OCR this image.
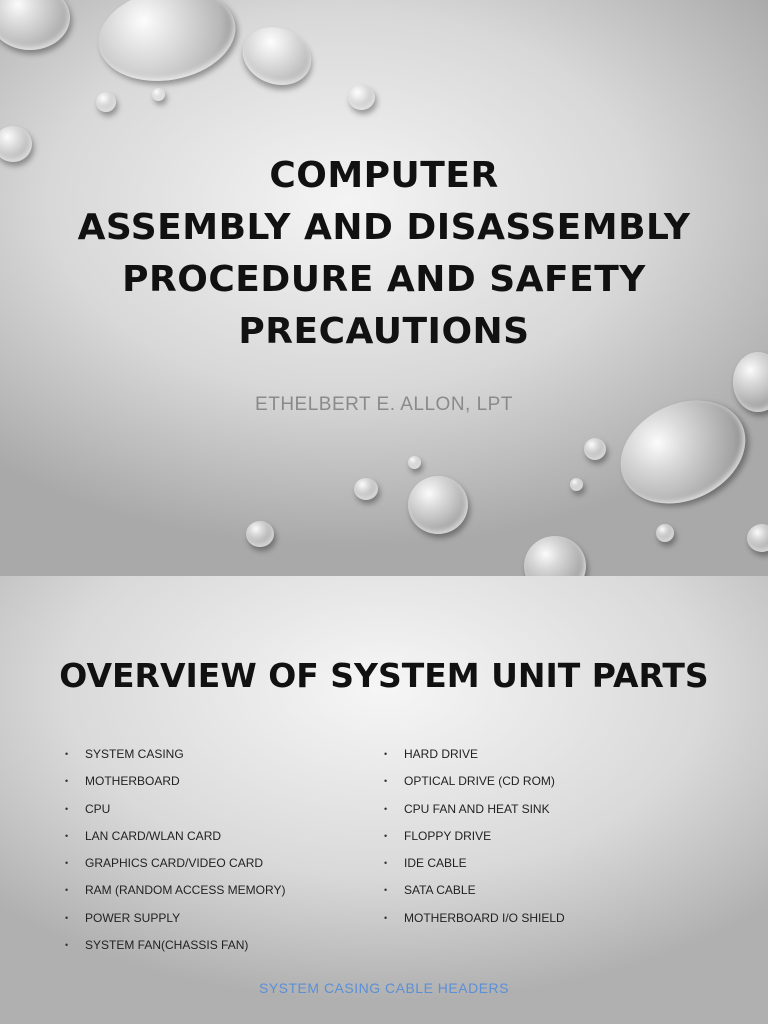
COMPUTER
ASSEMBLY AND DISASSEMBLY
PROCEDURE AND SAFETY
PRECAUTIONS
ETHELBERT E. ALLON, LPT
OVERVIEW OF SYSTEM UNIT PARTS
• SYSTEM CASING
• MOTHERBOARD
• CPU
• LAN CARD/WLAN CARD
• GRAPHICS CARD/VIDEO CARD
• RAM (RANDOM ACCESS MEMORY)
• POWER SUPPLY
• SYSTEM FAN(CHASSIS FAN)
• HARD DRIVE
• OPTICAL DRIVE (CD ROM)
• CPU FAN AND HEAT SINK
• FLOPPY DRIVE
• IDE CABLE
• SATA CABLE
• MOTHERBOARD I/O SHIELD
SYSTEM CASING CABLE HEADERS
